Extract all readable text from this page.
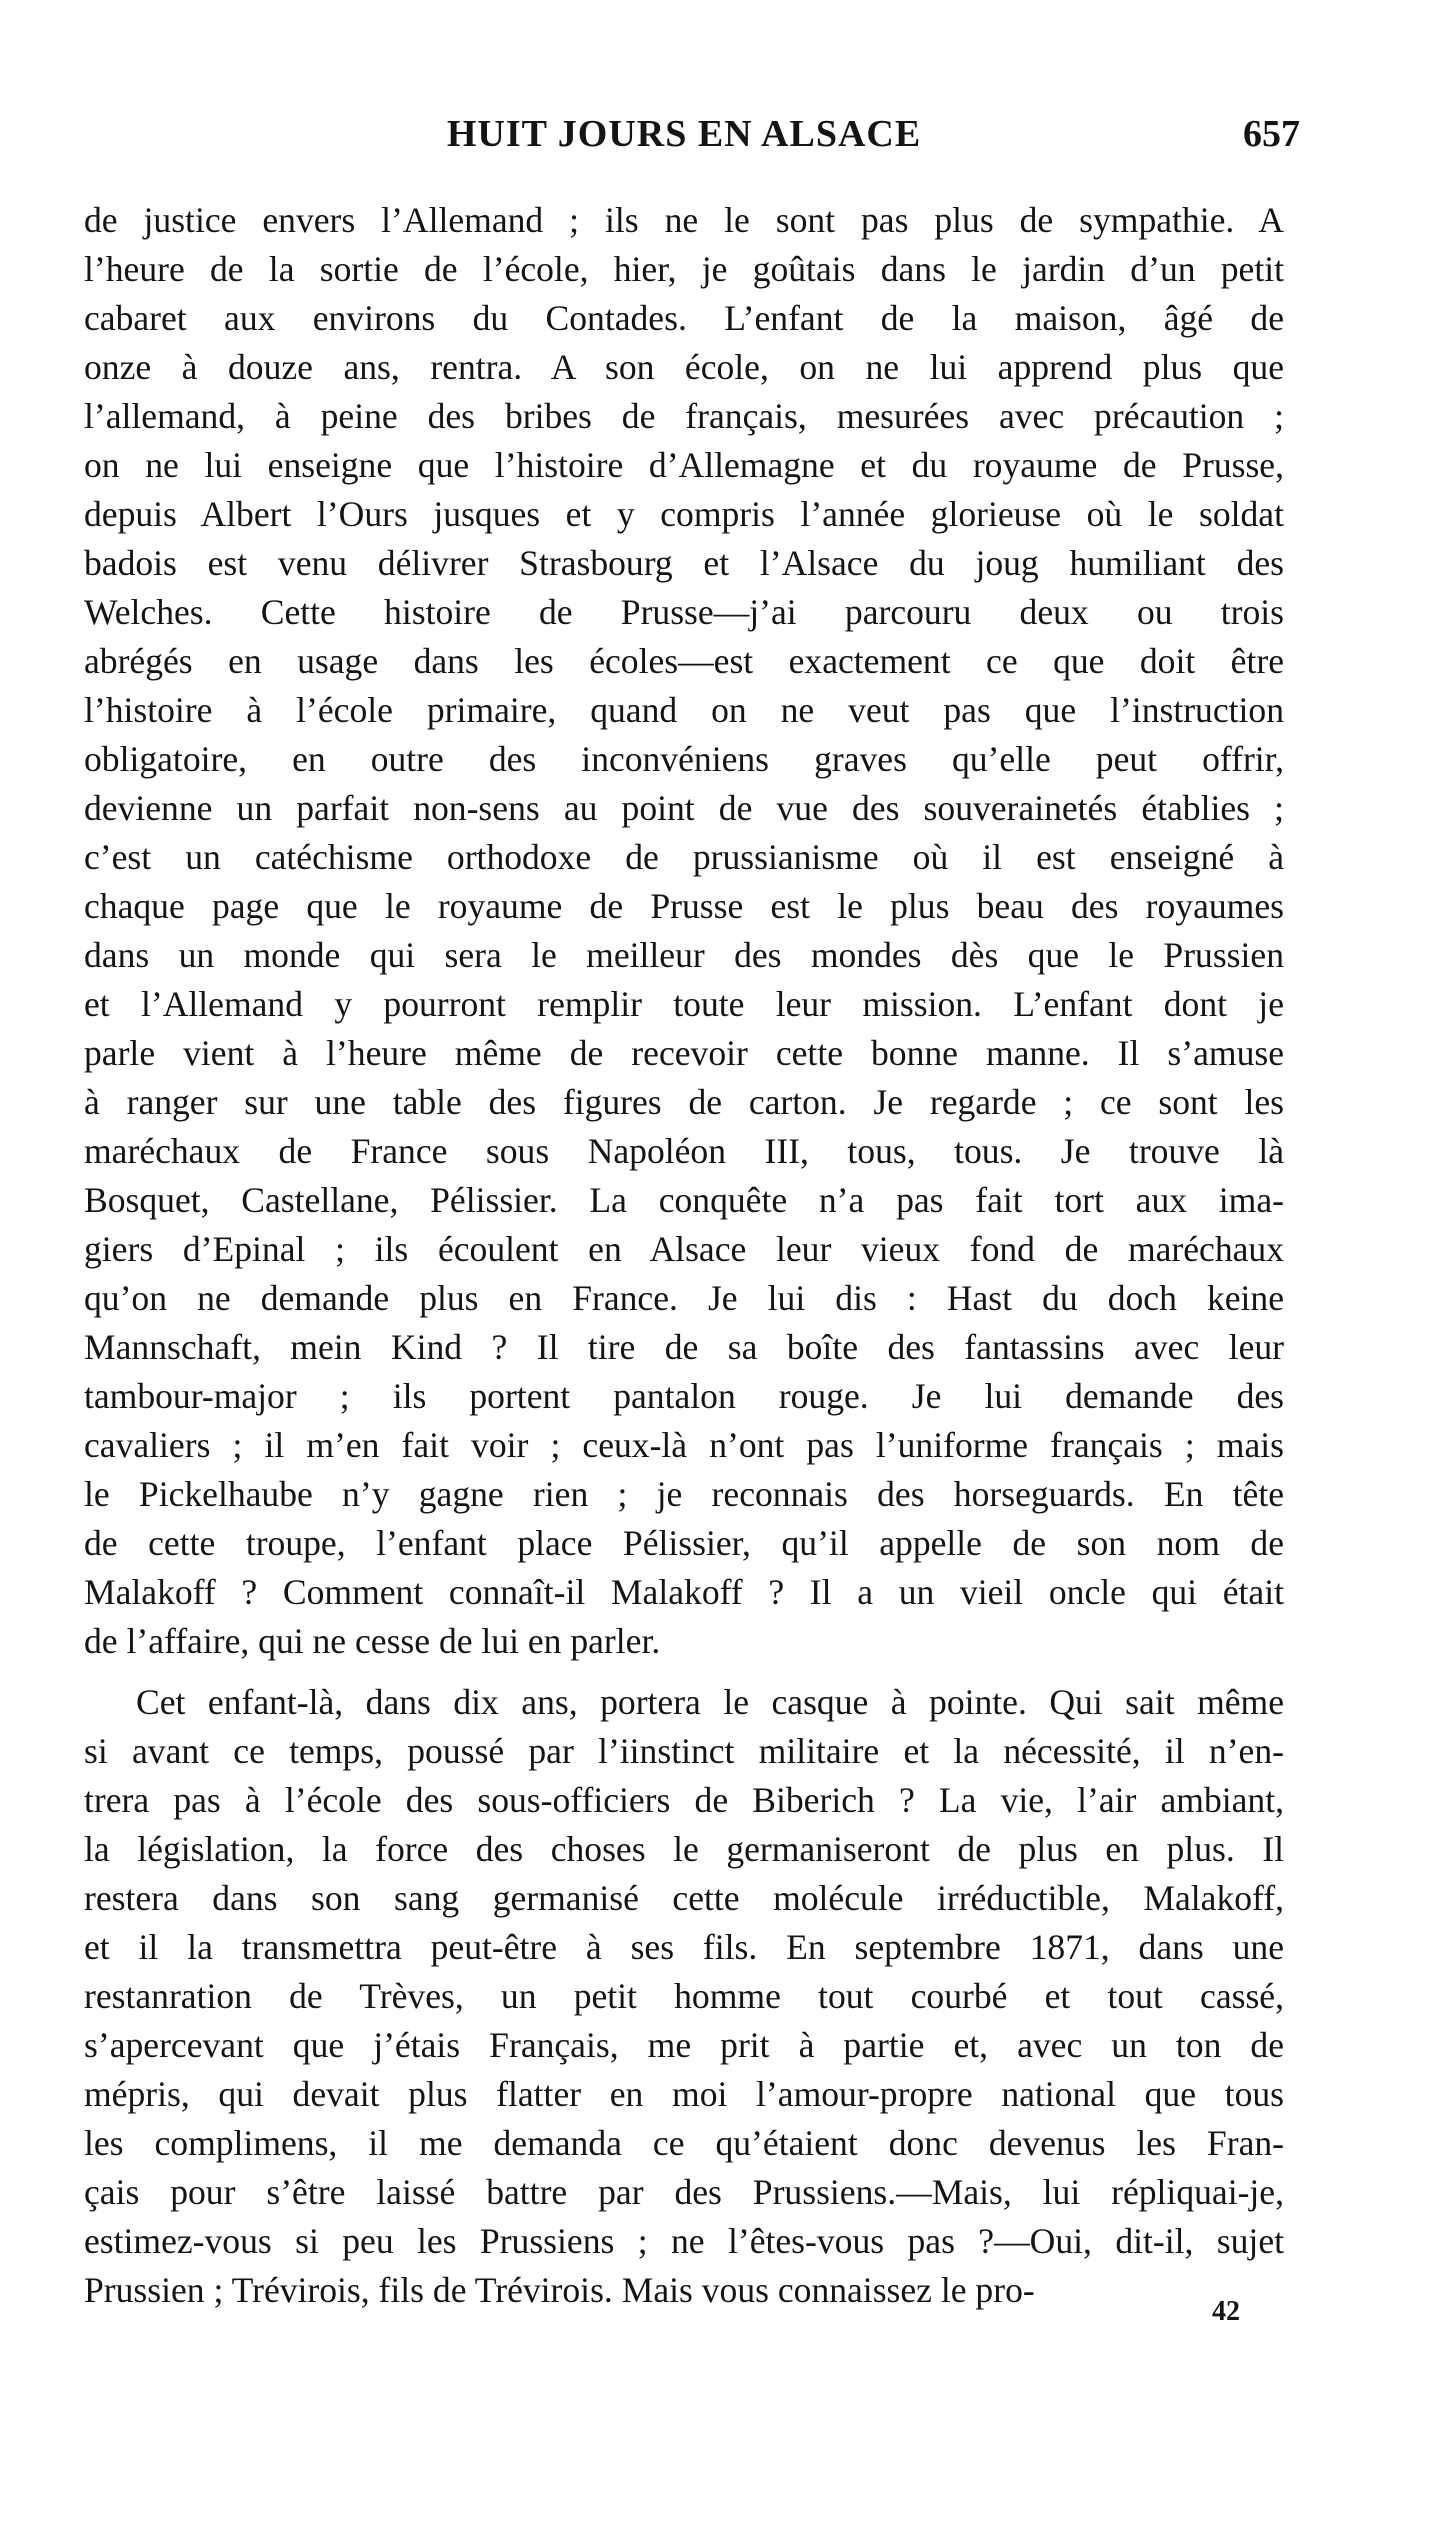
HUIT JOURS EN ALSACE	657
de justice envers l’Allemand ; ils ne le sont pas plus de sympathie. A
l’heure de la sortie de l’école, hier, je goûtais dans le jardin d’un petit
cabaret aux environs du Contades. L’enfant de la maison, âgé de
onze à douze ans, rentra. A son école, on ne lui apprend plus que
l’allemand, à peine des bribes de français, mesurées avec précaution ;
on ne lui enseigne que l’histoire d’Allemagne et du royaume de Prusse,
depuis Albert l’Ours jusques et y compris l’année glorieuse où le soldat
badois est venu délivrer Strasbourg et l’Alsace du joug humiliant des
Welches. Cette histoire de Prusse—j’ai parcouru deux ou trois
abrégés en usage dans les écoles—est exactement ce que doit être
l’histoire à l’école primaire, quand on ne veut pas que l’instruction
obligatoire, en outre des inconvéniens graves qu’elle peut offrir,
devienne un parfait non-sens au point de vue des souverainetés établies ;
c’est un catéchisme orthodoxe de prussianisme où il est enseigné à
chaque page que le royaume de Prusse est le plus beau des royaumes
dans un monde qui sera le meilleur des mondes dès que le Prussien
et l’Allemand y pourront remplir toute leur mission. L’enfant dont je
parle vient à l’heure même de recevoir cette bonne manne. Il s’amuse
à ranger sur une table des figures de carton. Je regarde ; ce sont les
maréchaux de France sous Napoléon III, tous, tous. Je trouve là
Bosquet, Castellane, Pélissier. La conquête n’a pas fait tort aux ima-
giers d’Epinal ; ils écoulent en Alsace leur vieux fond de maréchaux
qu’on ne demande plus en France. Je lui dis : Hast du doch keine
Mannschaft, mein Kind ? Il tire de sa boîte des fantassins avec leur
tambour-major ; ils portent pantalon rouge. Je lui demande des
cavaliers ; il m’en fait voir ; ceux-là n’ont pas l’uniforme français ; mais
le Pickelhaube n’y gagne rien ; je reconnais des horseguards. En tête
de cette troupe, l’enfant place Pélissier, qu’il appelle de son nom de
Malakoff ? Comment connaît-il Malakoff ? Il a un vieil oncle qui était
de l’affaire, qui ne cesse de lui en parler.
Cet enfant-là, dans dix ans, portera le casque à pointe. Qui sait même
si avant ce temps, poussé par l’iinstinct militaire et la nécessité, il n’en-
trera pas à l’école des sous-officiers de Biberich ? La vie, l’air ambiant,
la législation, la force des choses le germaniseront de plus en plus. Il
restera dans son sang germanisé cette molécule irréductible, Malakoff,
et il la transmettra peut-être à ses fils. En septembre 1871, dans une
restanration de Trèves, un petit homme tout courbé et tout cassé,
s’apercevant que j’étais Français, me prit à partie et, avec un ton de
mépris, qui devait plus flatter en moi l’amour-propre national que tous
les complimens, il me demanda ce qu’étaient donc devenus les Fran-
çais pour s’être laissé battre par des Prussiens.—Mais, lui répliquai-je,
estimez-vous si peu les Prussiens ; ne l’êtes-vous pas ?—Oui, dit-il, sujet
Prussien ; Trévirois, fils de Trévirois. Mais vous connaissez le pro-
42
